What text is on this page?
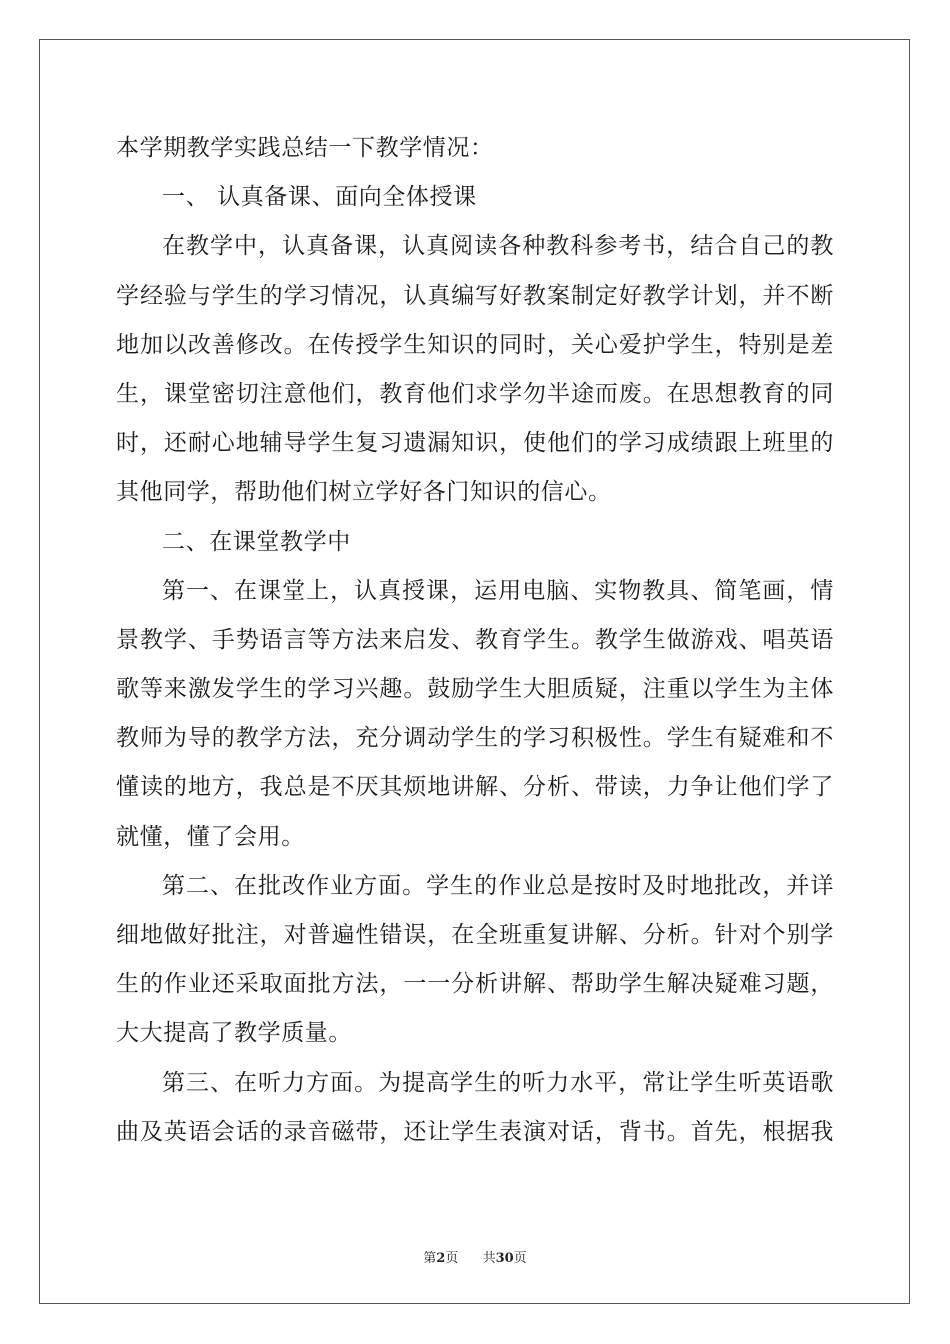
本学期教学实践总结一下教学情况：
一、 认真备课、面向全体授课
在教学中，认真备课，认真阅读各种教科参考书，结合自己的教
学经验与学生的学习情况，认真编写好教案制定好教学计划，并不断
地加以改善修改。在传授学生知识的同时，关心爱护学生，特别是差
生，课堂密切注意他们，教育他们求学勿半途而废。在思想教育的同
时，还耐心地辅导学生复习遗漏知识，使他们的学习成绩跟上班里的
其他同学，帮助他们树立学好各门知识的信心。
二、在课堂教学中
第一、在课堂上，认真授课，运用电脑、实物教具、简笔画，情
景教学、手势语言等方法来启发、教育学生。教学生做游戏、唱英语
歌等来激发学生的学习兴趣。鼓励学生大胆质疑，注重以学生为主体
教师为导的教学方法，充分调动学生的学习积极性。学生有疑难和不
懂读的地方，我总是不厌其烦地讲解、分析、带读，力争让他们学了
就懂，懂了会用。
第二、在批改作业方面。学生的作业总是按时及时地批改，并详
细地做好批注，对普遍性错误，在全班重复讲解、分析。针对个别学
生的作业还采取面批方法，一一分析讲解、帮助学生解决疑难习题，
大大提高了教学质量。
第三、在听力方面。为提高学生的听力水平，常让学生听英语歌
曲及英语会话的录音磁带，还让学生表演对话，背书。首先，根据我
第2页 共30页
